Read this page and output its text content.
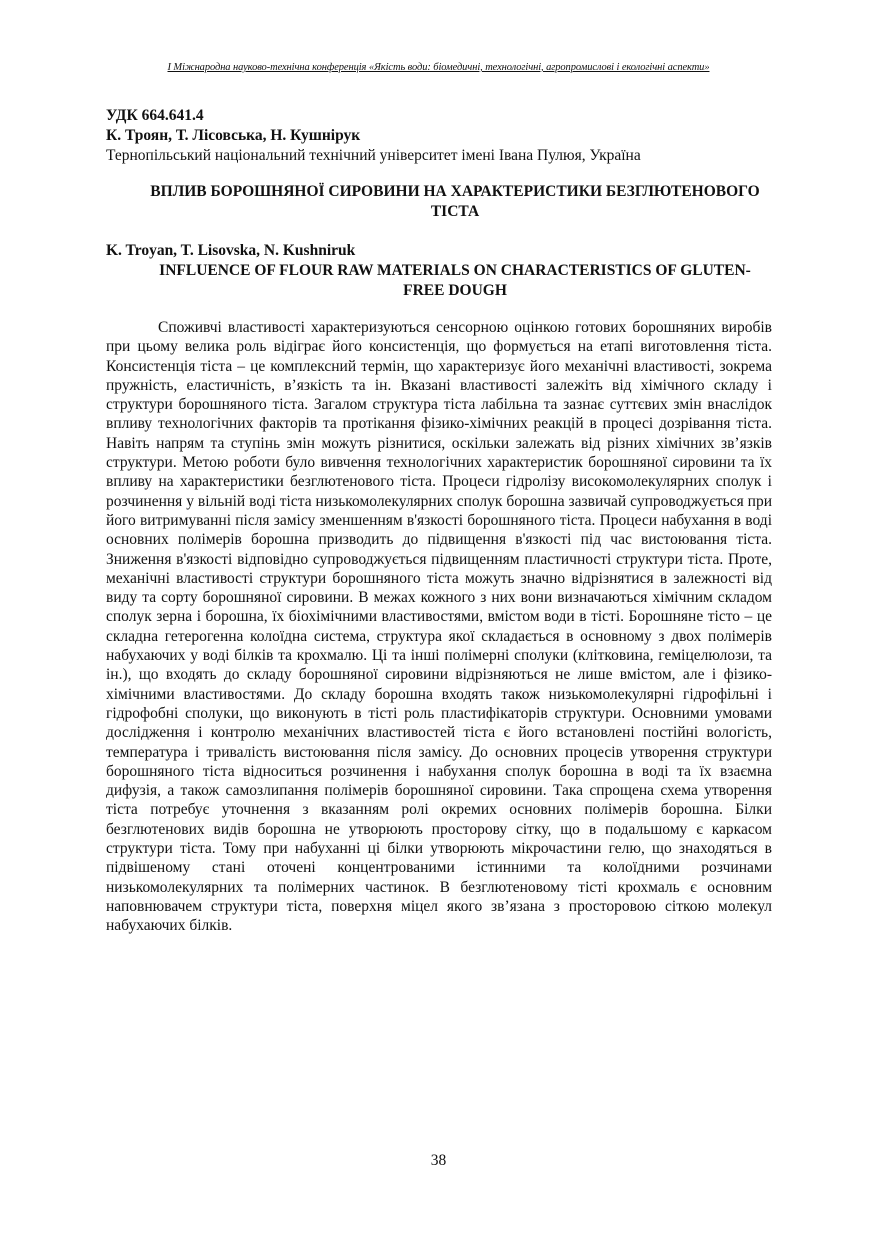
І Міжнародна науково-технічна конференція «Якість води: біомедичні, технологічні, агропромислові і екологічні аспекти»
УДК 664.641.4
К. Троян, Т. Лісовська, Н. Кушнірук
Тернопільський національний технічний університет імені Івана Пулюя, Україна
ВПЛИВ БОРОШНЯНОЇ СИРОВИНИ НА ХАРАКТЕРИСТИКИ БЕЗГЛЮТЕНОВОГО ТІСТА
K. Troyan, T. Lisovska, N. Kushniruk
INFLUENCE OF FLOUR RAW MATERIALS ON CHARACTERISTICS OF GLUTEN-FREE DOUGH

Споживчі властивості характеризуються сенсорною оцінкою готових борошняних виробів при цьому велика роль відіграє його консистенція, що формується на етапі виготовлення тіста. Консистенція тіста – це комплексний термін, що характеризує його механічні властивості, зокрема пружність, еластичність, в’язкість та ін. Вказані властивості залежіть від хімічного складу і структури борошняного тіста. Загалом структура тіста лабільна та зазнає суттєвих змін внаслідок впливу технологічних факторів та протікання фізико-хімічних реакцій в процесі дозрівання тіста. Навіть напрям та ступінь змін можуть різнитися, оскільки залежать від різних хімічних зв’язків структури. Метою роботи було вивчення технологічних характеристик борошняної сировини та їх впливу на характеристики безглютенового тіста. Процеси гідролізу високомолекулярних сполук і розчинення у вільній воді тіста низькомолекулярних сполук борошна зазвичай супроводжується при його витримуванні після замісу зменшенням в'язкості борошняного тіста. Процеси набухання в воді основних полімерів борошна призводить до підвищення в'язкості під час вистоювання тіста. Зниження в'язкості відповідно супроводжується підвищенням пластичності структури тіста. Проте, механічні властивості структури борошняного тіста можуть значно відрізнятися в залежності від виду та сорту борошняної сировини. В межах кожного з них вони визначаються хімічним складом сполук зерна і борошна, їх біохімічними властивостями, вмістом води в тісті. Борошняне тісто – це складна гетерогенна колоїдна система, структура якої складається в основному з двох полімерів набухаючих у воді білків та крохмалю. Ці та інші полімерні сполуки (клітковина, геміцелюлози, та ін.), що входять до складу борошняної сировини відрізняються не лише вмістом, але і фізико-хімічними властивостями. До складу борошна входять також низькомолекулярні гідрофільні і гідрофобні сполуки, що виконують в тісті роль пластифікаторів структури. Основними умовами дослідження і контролю механічних властивостей тіста є його встановлені постійні вологість, температура і тривалість вистоювання після замісу. До основних процесів утворення структури борошняного тіста відноситься розчинення і набухання сполук борошна в воді та їх взаємна дифузія, а також самозлипання полімерів борошняної сировини. Така спрощена схема утворення тіста потребує уточнення з вказанням ролі окремих основних полімерів борошна. Білки безглютенових видів борошна не утворюють просторову сітку, що в подальшому є каркасом структури тіста. Тому при набуханні ці білки утворюють мікрочастини гелю, що знаходяться в підвішеному стані оточені концентрованими істинними та колоїдними розчинами низькомолекулярних та полімерних частинок. В безглютеновому тісті крохмаль є основним наповнювачем структури тіста, поверхня міцел якого зв’язана з просторовою сіткою молекул набухаючих білків.

38
